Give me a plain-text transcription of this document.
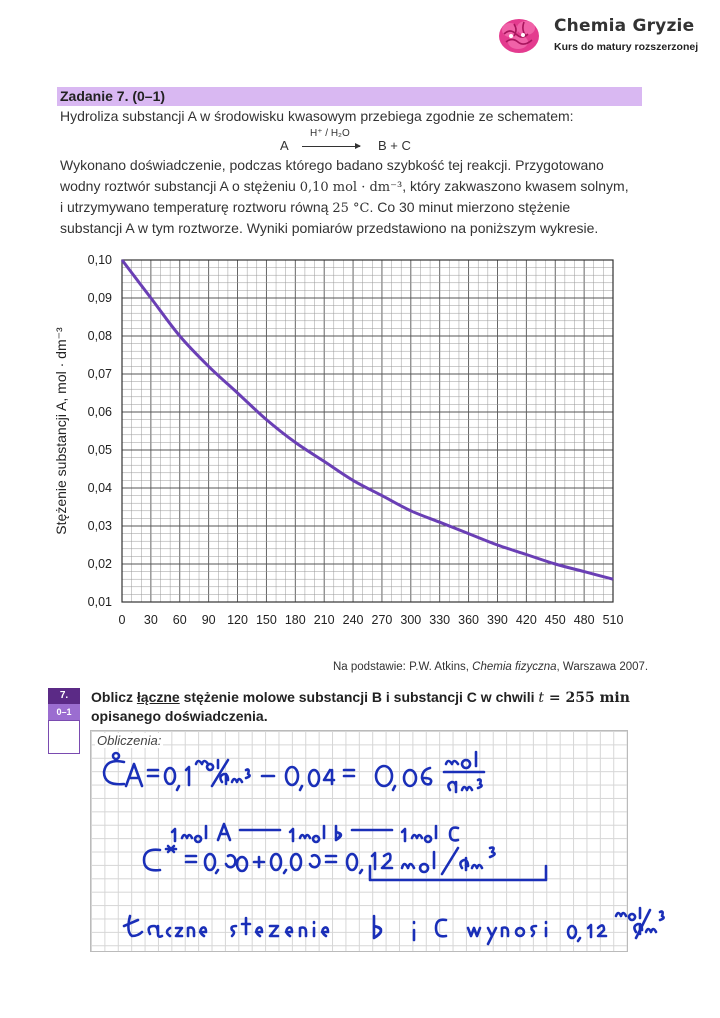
Chemia Gryzie
Kurs do matury rozszerzonej
Zadanie 7. (0–1)
Hydroliza substancji A w środowisku kwasowym przebiega zgodnie ze schematem:
A
H⁺ / H₂O
B + C
Wykonano doświadczenie, podczas którego badano szybkość tej reakcji. Przygotowano
wodny roztwór substancji A o stężeniu 0,10 mol · dm⁻³, który zakwaszono kwasem solnym,
i utrzymywano temperaturę roztworu równą 25 °C. Co 30 minut mierzono stężenie
substancji A w tym roztworze. Wyniki pomiarów przedstawiono na poniższym wykresie.
0 30 60 90 120 150 180 210 240 270 300 330 360 390 420 450 480 510
0,01
0,02
0,03
0,04
0,05
0,06
0,07
0,08
0,09
0,10
Stężenie substancji A, mol · dm⁻³
Na podstawie: P.W. Atkins, Chemia fizyczna, Warszawa 2007.
7.
0–1
Oblicz łączne stężenie molowe substancji B i substancji C w chwili t = 255 min
opisanego doświadczenia.
Obliczenia:
